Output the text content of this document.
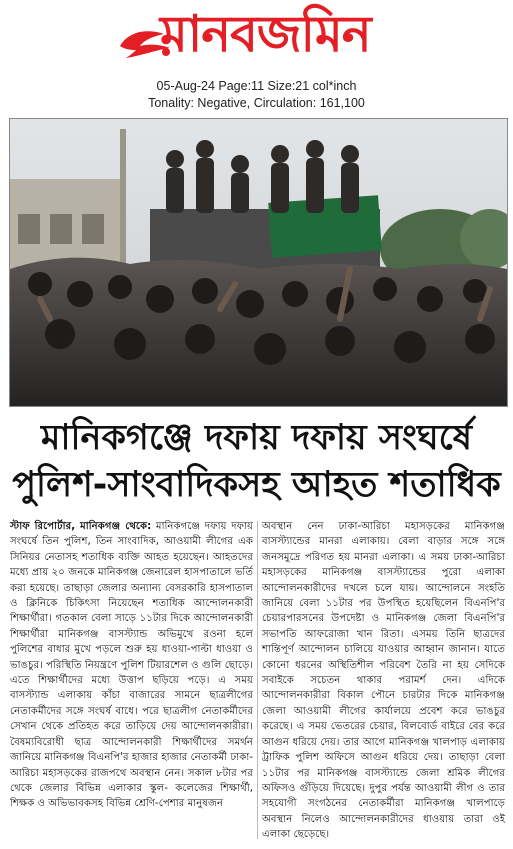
মানবজমিন
05-Aug-24 Page:11 Size:21 col*inch
Tonality: Negative, Circulation: 161,100
মানিকগঞ্জে দফায় দফায় সংঘর্ষে
পুলিশ-সাংবাদিকসহ আহত শতাধিক
স্টাফ রিপোর্টার, মানিকগঞ্জ থেকে: মানিকগঞ্জে দফায় দফায় সংঘর্ষে তিন পুলিশ, তিন সাংবাদিক, আওয়ামী লীগের এক সিনিয়র নেতাসহ শতাধিক ব্যক্তি আহত হয়েছেন। আহতদের মধ্যে প্রায় ২০ জনকে মানিকগঞ্জ জেনারেল হাসপাতালে ভর্তি করা হয়েছে। তাছাড়া জেলার অন্যান্য বেসরকারি হাসপাতাল ও ক্লিনিকে চিকিৎসা নিয়েছেন শতাধিক আন্দোলনকারী শিক্ষার্থীরা। গতকাল বেলা সাড়ে ১১টার দিকে আন্দোলনকারী শিক্ষার্থীরা মানিকগঞ্জ বাসস্ট্যান্ড অভিমুখে রওনা হলে পুলিশের বাধার মুখে পড়লে শুরু হয় ধাওয়া-পাল্টা ধাওয়া ও ভাঙচুর। পরিস্থিতি নিয়ন্ত্রণে পুলিশ টিয়ারশেল ও গুলি ছোড়ে। এতে শিক্ষার্থীদের মধ্যে উত্তাপ ছড়িয়ে পড়ে। এ সময় বাসস্ট্যান্ড এলাকায় কাঁচা বাজারের সামনে ছাত্রলীগের নেতাকর্মীদের সঙ্গে সংঘর্ষ বাধে। পরে ছাত্রলীগ নেতাকর্মীদের সেখান থেকে প্রতিহত করে তাড়িয়ে দেয় আন্দোলনকারীরা। বৈষম্যবিরোধী ছাত্র আন্দোলনকারী শিক্ষার্থীদের সমর্থন জানিয়ে মানিকগঞ্জ বিএনপি'র হাজার হাজার নেতাকর্মী ঢাকা-আরিচা মহাসড়কের রাজপথে অবস্থান নেন। সকাল ৮টার পর থেকে জেলার বিভিন্ন এলাকার স্কুল- কলেজের শিক্ষার্থী, শিক্ষক ও অভিভাবকসহ বিভিন্ন শ্রেণি-পেশার মানুষজন
অবস্থান নেন ঢাকা-আরিচা মহাসড়কের মানিকগঞ্জ বাসস্ট্যান্ডের মানরা এলাকায়। বেলা বাড়ার সঙ্গে সঙ্গে জনসমুদ্রে পরিণত হয় মানরা এলাকা। এ সময় ঢাকা-আরিচা মহাসড়কের মানিকগঞ্জ বাসস্ট্যান্ডের পুরো এলাকা আন্দোলনকারীদের দখলে চলে যায়। আন্দোলনে সংহতি জানিয়ে বেলা ১১টার পর উপস্থিত হয়েছিলেন বিএনপি'র চেয়ারপারসনের উপদেষ্টা ও মানিকগঞ্জ জেলা বিএনপি'র সভাপতি আফরোজা খান রিতা। এসময় তিনি ছাত্রদের শান্তিপূর্ণ আন্দোলন চালিয়ে যাওয়ার আহ্বান জানান। যাতে কোনো ধরনের অস্থিতিশীল পরিবেশ তৈরি না হয় সেদিকে সবাইকে সচেতন থাকার পরামর্শ দেন। এদিকে আন্দোলনকারীরা বিকাল পৌনে চারটার দিকে মানিকগঞ্জ জেলা আওয়ামী লীগের কার্যালয়ে প্রবেশ করে ভাঙচুর করেছে। এ সময় ভেতরের চেয়ার, বিলবোর্ড বাইরে বের করে আগুন ধরিয়ে দেয়। তার আগে মানিকগঞ্জ খালপাড় এলাকায় ট্রাফিক পুলিশ অফিসে আগুন ধরিয়ে দেয়। তাছাড়া বেলা ১১টার পর মানিকগঞ্জ বাসস্ট্যান্ডে জেলা শ্রমিক লীগের অফিসও গুঁড়িয়ে দিয়েছে। দুপুর পর্যন্ত আওয়ামী লীগ ও তার সহযোগী সংগঠনের নেতাকর্মীরা মানিকগঞ্জ খালপাড়ে অবস্থান নিলেও আন্দোলনকারীদের ধাওয়ায় তারা ওই এলাকা ছেড়েছে।
